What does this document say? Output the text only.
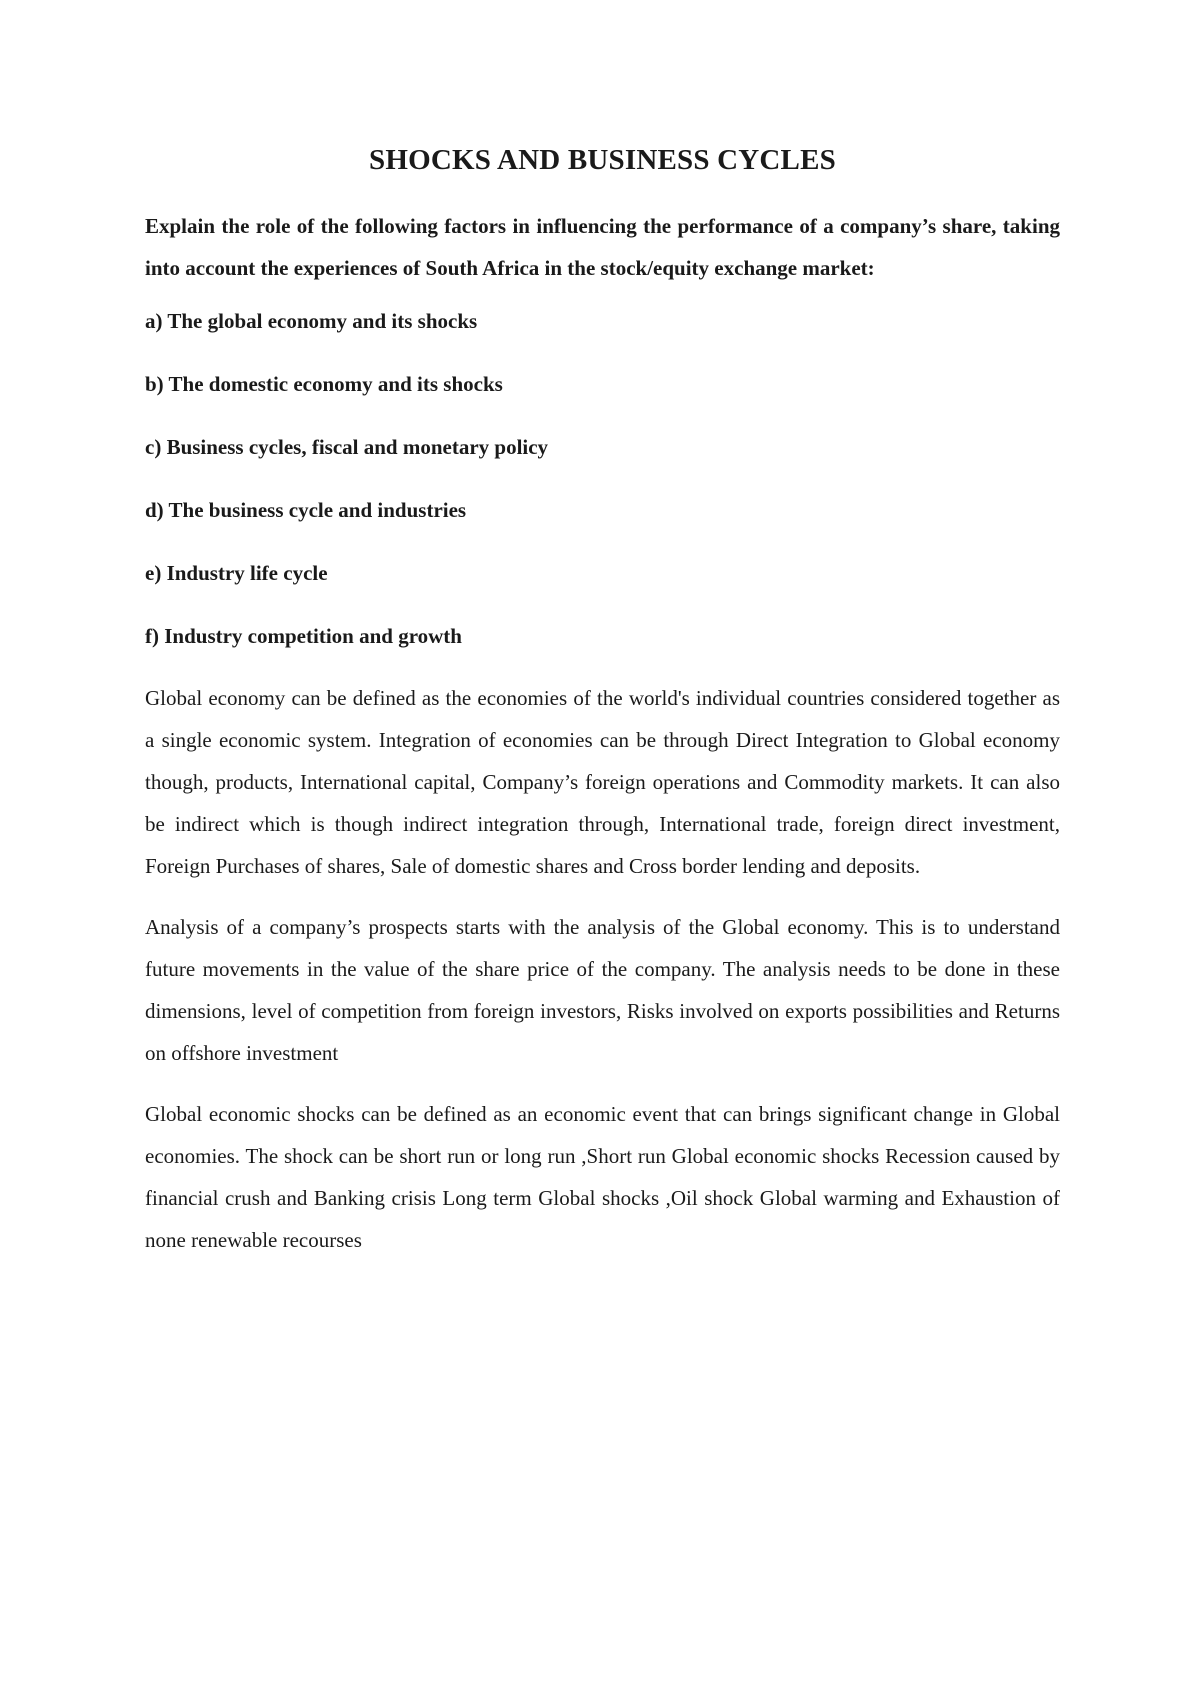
SHOCKS AND BUSINESS CYCLES

Explain the role of the following factors in influencing the performance of a company’s share, taking into account the experiences of South Africa in the stock/equity exchange market:

a) The global economy and its shocks

b) The domestic economy and its shocks

c) Business cycles, fiscal and monetary policy

d) The business cycle and industries

e) Industry life cycle

f) Industry competition and growth

Global economy can be defined as the economies of the world's individual countries considered together as a single economic system. Integration of economies can be through Direct Integration to Global economy though, products, International capital, Company’s foreign operations and Commodity markets. It can also be indirect which is though indirect integration through, International trade, foreign direct investment, Foreign Purchases of shares, Sale of domestic shares and Cross border lending and deposits.

Analysis of a company’s prospects starts with the analysis of the Global economy. This is to understand future movements in the value of the share price of the company. The analysis needs to be done in these dimensions, level of competition from foreign investors, Risks involved on exports possibilities and Returns on offshore investment

Global economic shocks can be defined as an economic event that can brings significant change in Global economies. The shock can be short run or long run ,Short run Global economic shocks Recession caused by financial crush and Banking crisis Long term Global shocks ,Oil shock Global warming and Exhaustion of none renewable recourses
